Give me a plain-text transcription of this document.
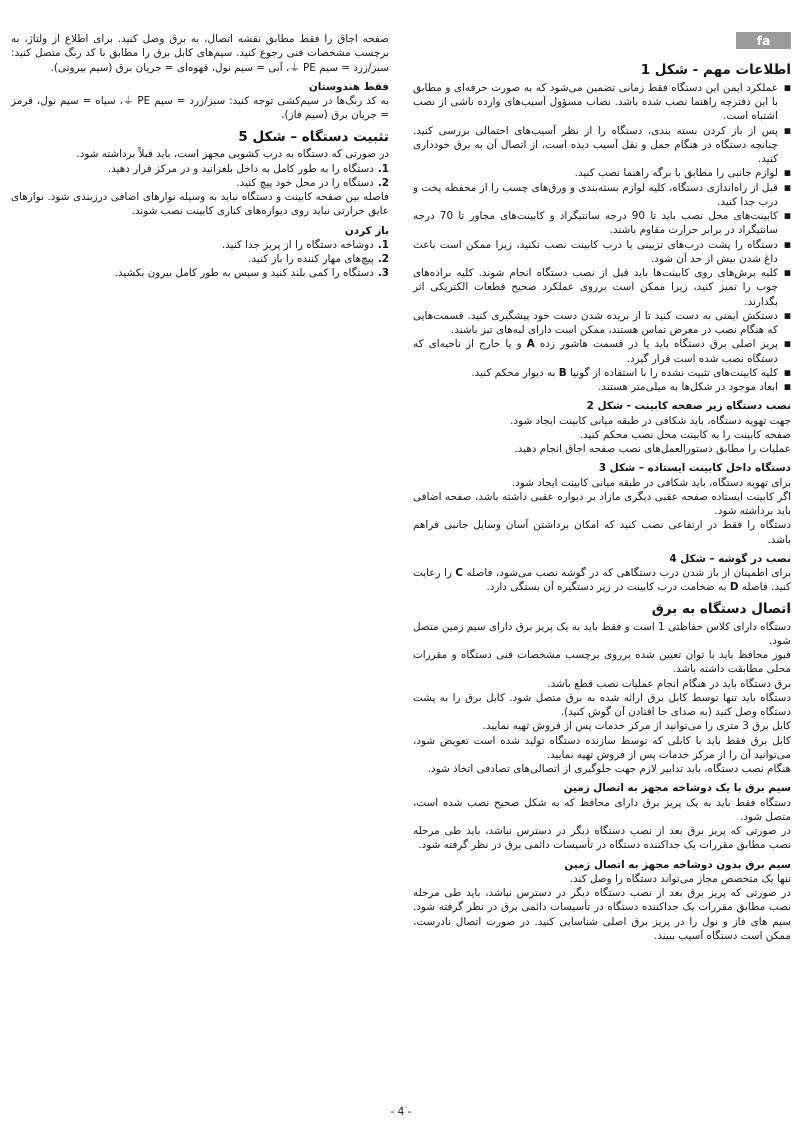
fa
اطلاعات مهم - شکل 1
■
عملکرد ایمن این دستگاه فقط زمانی تضمین می‌شود که به صورت حرفه‌ای و مطابق با این دفترچه راهنما نصب شده باشد. نصاب مسؤول آسیب‌های وارده ناشی از نصب اشتباه است.
■
پس از باز کردن بسته بندی، دستگاه را از نظر آسیب‌های احتمالی بررسی کنید. چنانچه دستگاه در هنگام حمل و نقل آسیب دیده است، از اتصال آن به برق خودداری کنید.
■
لوازم جانبی را مطابق با برگه راهنما نصب کنید.
■
قبل از راه‌اندازی دستگاه، کلیه لوازم بسته‌بندی و ورق‌های چسب را از محفظه پخت و درب جدا کنید.
■
کابینت‌های محل نصب باید تا 90 درجه سانتیگراد و کابینت‌های مجاور تا 70 درجه سانتیگراد در برابر حرارت مقاوم باشند.
■
دستگاه را پشت درب‌های تزیینی یا درب کابینت نصب نکنید، زیرا ممکن است باعث داغ شدن بیش از حد آن شود.
■
کلیه برش‌های روی کابینت‌ها باید قبل از نصب دستگاه انجام شوند. کلیه براده‌های چوب را تمیز کنید، زیرا ممکن است برروی عملکرد صحیح قطعات الکتریکی اثر بگذارند.
■
دستکش ایمنی به دست کنید تا از بریده شدن دست خود پیشگیری کنید. قسمت‌هایی که هنگام نصب در معرض تماس هستند، ممکن است دارای لبه‌های تیز باشند.
■
پریز اصلی برق دستگاه باید یا در قسمت هاشور زده A و یا خارج از ناحیه‌ای که دستگاه نصب شده است قرار گیرد.
■
کلیه کابینت‌های تثبیت نشده را با استفاده از گونیا B به دیوار محکم کنید.
■
ابعاد موجود در شکل‌ها به میلی‌متر هستند.
نصب دستگاه زیر صفحه کابینت - شکل 2
جهت تهویه دستگاه، باید شکافی در طبقه میانی کابینت ایجاد شود.
صفحه کابینت را به کابینت محل نصب محکم کنید.
عملیات را مطابق دستورالعمل‌های نصب صفحه اجاق انجام دهید.
دستگاه داخل کابینت ایستاده – شکل 3
برای تهویه دستگاه، باید شکافی در طبقه میانی کابینت ایجاد شود.
اگر کابینت ایستاده صفحه عقبی دیگری مازاد بر دیواره عقبی داشته باشد، صفحه اضافی باید برداشته شود.
دستگاه را فقط در ارتفاعی نصب کنید که امکان برداشتن آسان وسایل جانبی فراهم باشد.
نصب در گوشه – شکل 4
برای اطمینان از باز شدن درب دستگاهی که در گوشه نصب می‌شود، فاصله C را رعایت کنید. فاصله D به ضخامت درب کابینت در زیر دستگیره آن بستگی دارد.
اتصال دستگاه به برق
دستگاه دارای کلاس حفاظتی 1 است و فقط باید به یک پریز برق دارای سیم زمین متصل شود.
فیوز محافظ باید با توان تعیین شده برروی برچسب مشخصات فنی دستگاه و مقررات محلی مطابقت داشته باشد.
برق دستگاه باید در هنگام انجام عملیات نصب قطع باشد.
دستگاه باید تنها توسط کابل برق ارائه شده به برق متصل شود. کابل برق را به پشت دستگاه وصل کنید (به صدای جا افتادن آن گوش کنید).
کابل برق 3 متری را می‌توانید از مرکز خدمات پس از فروش تهیه نمایید.
کابل برق فقط باید با کابلی که توسط سازنده دستگاه تولید شده است تعویض شود، می‌توانید آن را از مرکز خدمات پس از فروش تهیه نمایید.
هنگام نصب دستگاه، باید تدابیر لازم جهت جلوگیری از اتصالی‌های تصادفی اتخاذ شود.
سیم برق با یک دوشاخه مجهز به اتصال زمین
دستگاه فقط باید به یک پریز برق دارای محافظ که به شکل صحیح نصب شده است، متصل شود.
در صورتی که پریز برق بعد از نصب دستگاه دیگر در دسترس نباشد، باید طی مرحله نصب مطابق مقررات یک جداکننده دستگاه در تأسیسات دائمی برق در نظر گرفته شود.
سیم برق بدون دوشاخه مجهز به اتصال زمین
تنها یک متخصص مجاز می‌تواند دستگاه را وصل کند.
در صورتی که پریز برق بعد از نصب دستگاه دیگر در دسترس نباشد، باید طی مرحله نصب مطابق مقررات یک جداکننده دستگاه در تأسیسات دائمی برق در نظر گرفته شود. سیم های فاز و نول را در پریز برق اصلی شناسایی کنید. در صورت اتصال نادرست، ممکن است دستگاه آسیب ببیند.
صفحه اجاق را فقط مطابق نقشه اتصال، به برق وصل کنید. برای اطلاع از ولتاژ، به برچسب مشخصات فنی رجوع کنید. سیم‌های کابل برق را مطابق با کد رنگ متصل کنید: سبز/زرد = سیم PE ⏚، آبی = سیم نول، قهوه‌ای = جریان برق (سیم بیرونی).
فقط هندوستان
به کد رنگ‌ها در سیم‌کشی توجه کنید: سبز/زرد = سیم PE ⏚، سیاه = سیم نول، قرمز = جریان برق (سیم فاز).
تثبیت دستگاه – شکل 5
در صورتی که دستگاه به درب کشویی مجهز است، باید قبلاً برداشته شود.
1.
دستگاه را به طور کامل به داخل بلغزانید و در مرکز قرار دهید.
2.
دستگاه را در محل خود پیچ کنید.
فاصله بین صفحه کابینت و دستگاه نباید به وسیله نوارهای اضافی درزبندی شود. نوارهای عایق حرارتی نباید روی دیواره‌های کناری کابینت نصب شوند.
باز کردن
1.
دوشاخه دستگاه را از پریز جدا کنید.
2.
پیچ‌های مهار کننده را باز کنید.
3.
دستگاه را کمی بلند کنید و سپس به طور کامل بیرون بکشید.
- 4 -
